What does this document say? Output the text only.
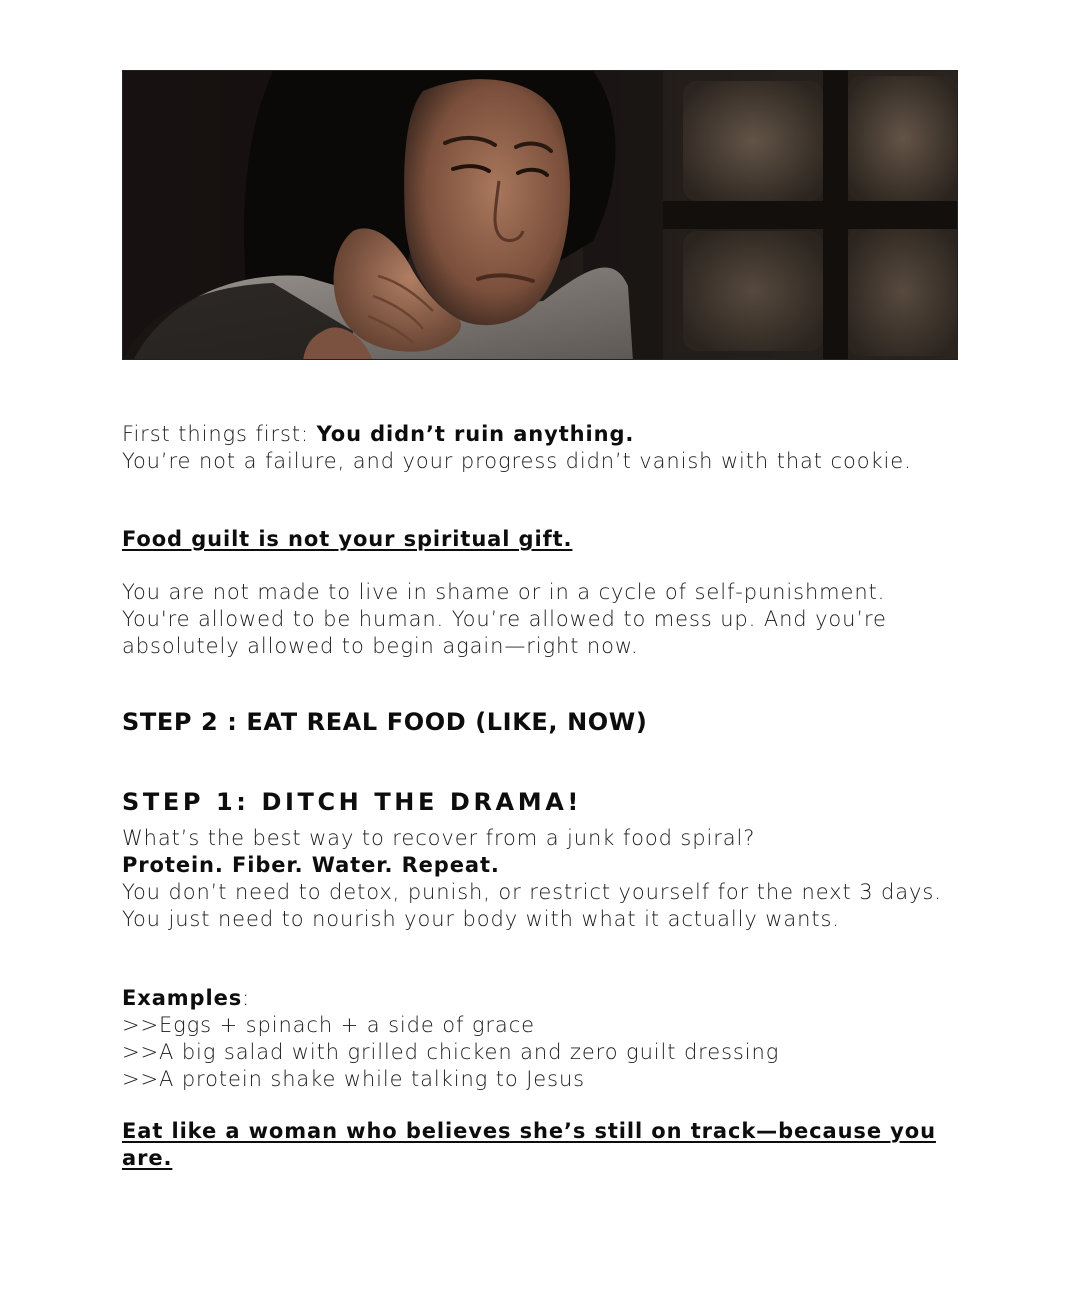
First things first: You didn’t ruin anything.
You’re not a failure, and your progress didn’t vanish with that cookie.

Food guilt is not your spiritual gift.

You are not made to live in shame or in a cycle of self-punishment. You're allowed to be human. You’re allowed to mess up. And you’re absolutely allowed to begin again—right now.

STEP 2 : EAT REAL FOOD (LIKE, NOW)
STEP 1: DITCH THE DRAMA!

What’s the best way to recover from a junk food spiral?
Protein. Fiber. Water. Repeat.
You don’t need to detox, punish, or restrict yourself for the next 3 days. You just need to nourish your body with what it actually wants.

Examples:
>>Eggs + spinach + a side of grace
>>A big salad with grilled chicken and zero guilt dressing
>>A protein shake while talking to Jesus

Eat like a woman who believes she’s still on track—because you are.
